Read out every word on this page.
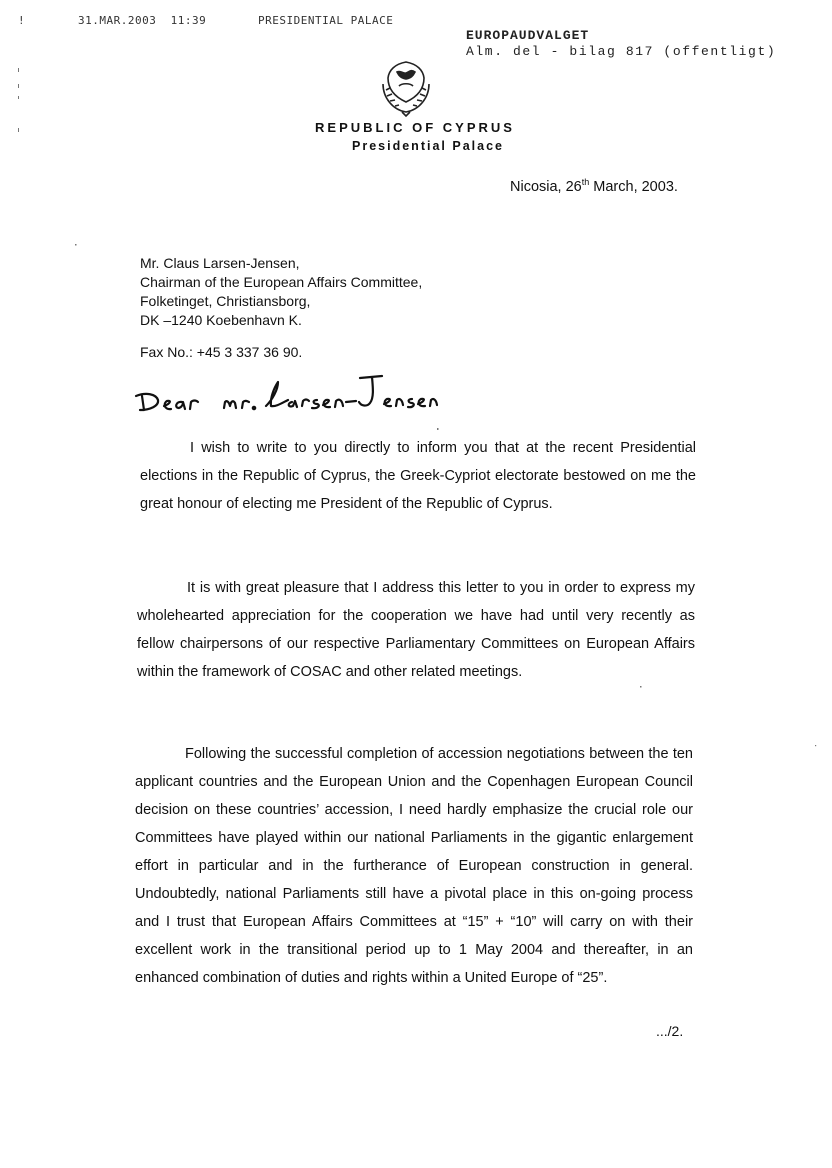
!

	31.MAR.2003  11:39

	PRESIDENTIAL PALACE

EUROPAUDVALGET
Alm. del - bilag 817 (offentligt)
REPUBLIC OF CYPRUS
Presidential Palace
Nicosia, 26th March, 2003.
Mr. Claus Larsen-Jensen,
Chairman of the European Affairs Committee,
Folketinget, Christiansborg,
DK –1240 Koebenhavn K.
Fax No.: +45 3 337 36 90.
I wish to write to you directly to inform you that at the recent Presidential elections in the Republic of Cyprus, the Greek-Cypriot electorate bestowed on me the great honour of electing me President of the Republic of Cyprus.
It is with great pleasure that I address this letter to you in order to express my wholehearted appreciation for the cooperation we have had until very recently as fellow chairpersons of our respective Parliamentary Committees on European Affairs within the framework of COSAC and other related meetings.
Following the successful completion of accession negotiations between the ten applicant countries and the European Union and the Copenhagen European Council decision on these countries’ accession, I need hardly emphasize the crucial role our Committees have played within our national Parliaments in the gigantic enlargement effort in particular and in the furtherance of European construction in general. Undoubtedly, national Parliaments still have a pivotal place in this on-going process and I trust that European Affairs Committees at “15” + “10” will carry on with their excellent work in the transitional period up to 1 May 2004 and thereafter, in an enhanced combination of duties and rights within a United Europe of “25”.
.../2.
